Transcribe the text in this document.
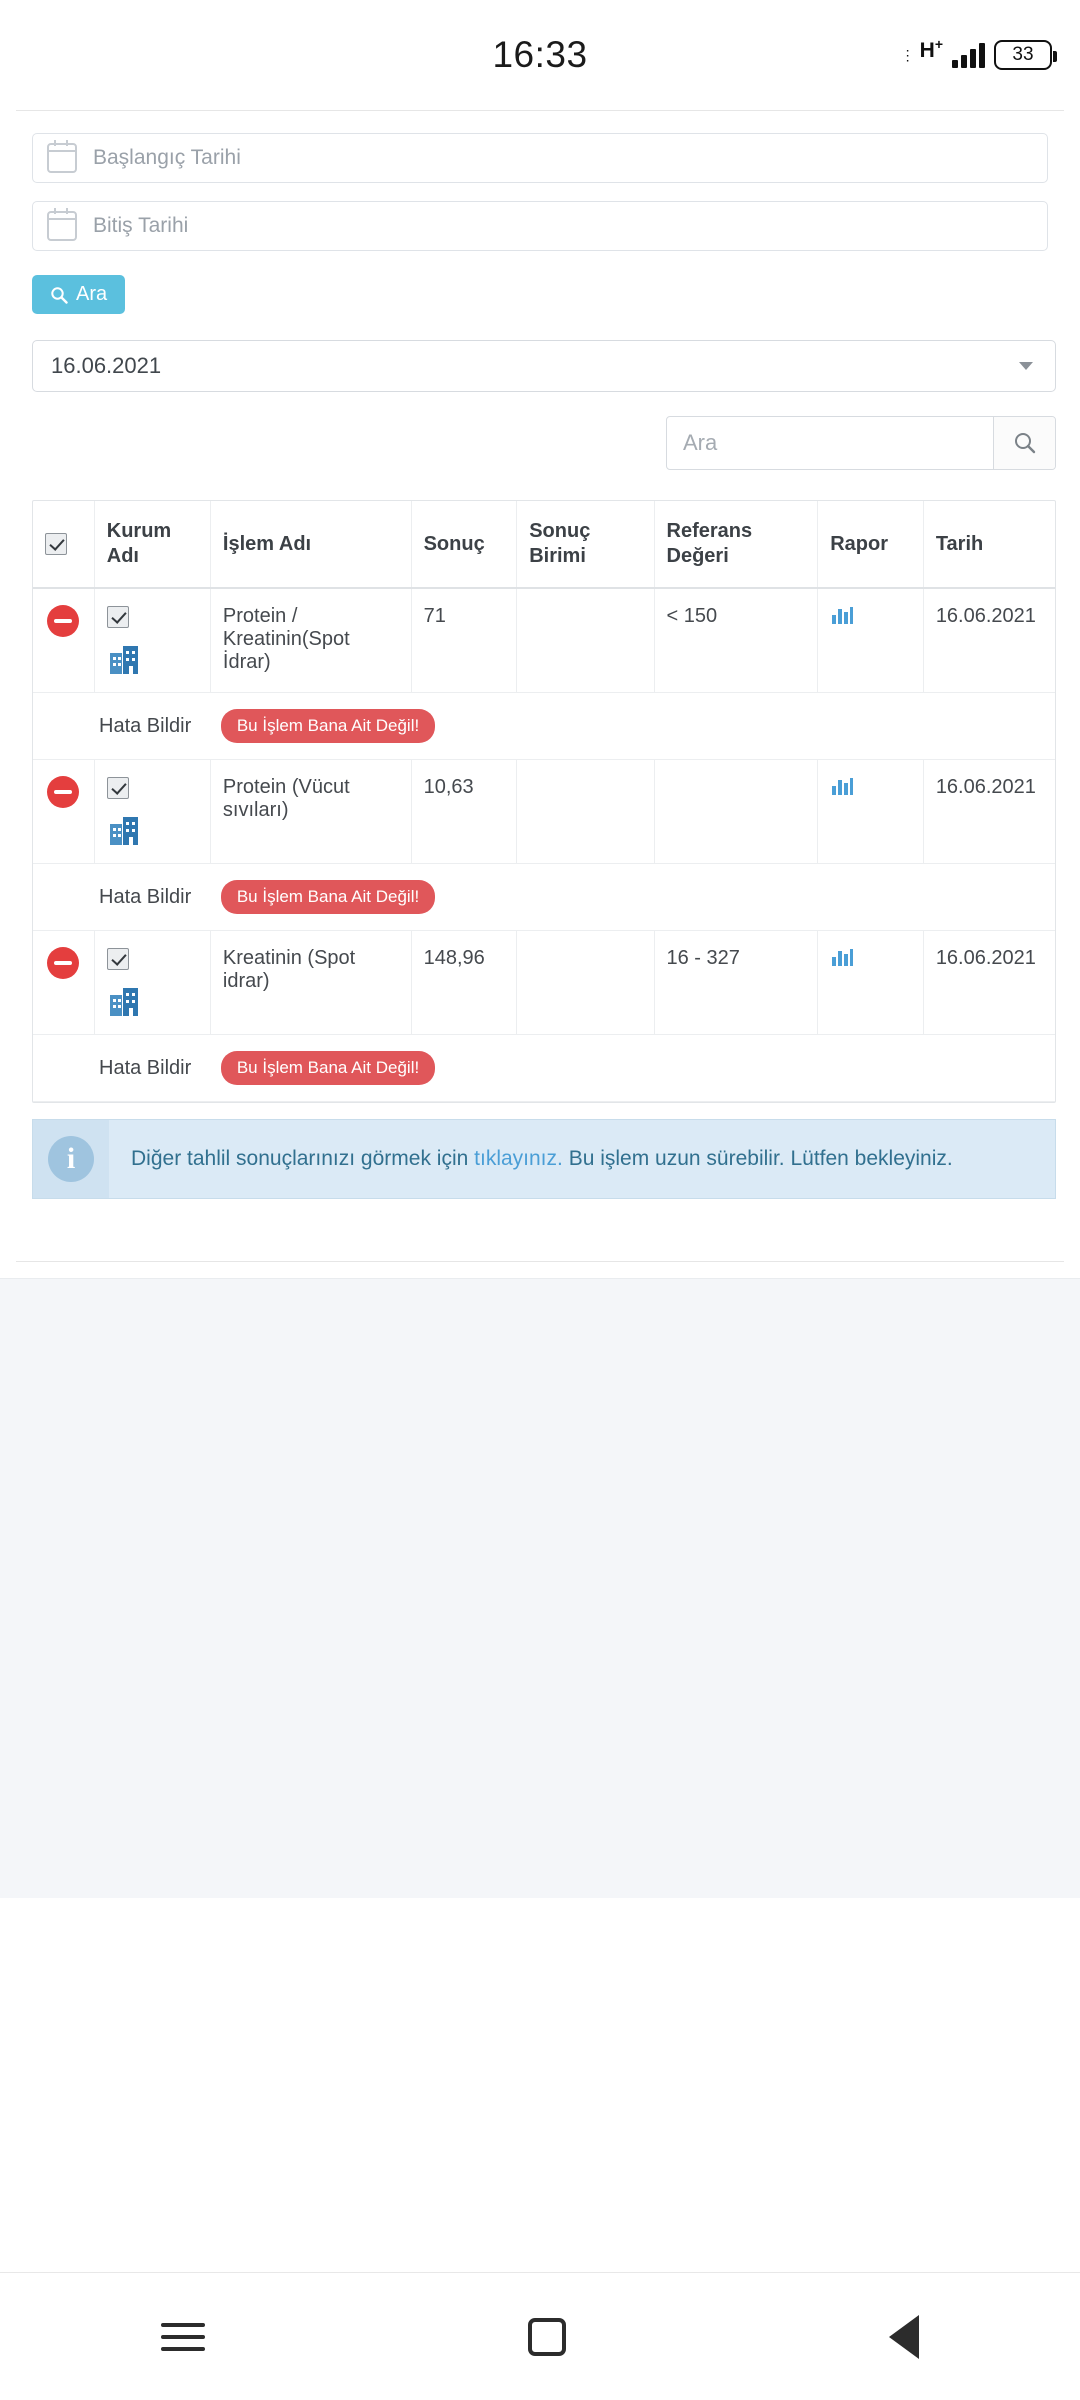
16:33	⋮ H+
33
Başlangıç Tarihi
Bitiş Tarihi
Ara
16.06.2021
Ara
	Kurum Adı	İşlem Adı	Sonuç	Sonuç Birimi	Referans Değeri	Rapor	Tarih

	Protein / Kreatinin(Spot İdrar)	71		< 150		16.06.2021
Hata Bildir Bu İşlem Bana Ait Değil!							

	Protein (Vücut sıvıları)	10,63				16.06.2021
Hata Bildir Bu İşlem Bana Ait Değil!							

	Kreatinin (Spot idrar)	148,96		16 - 327		16.06.2021
Hata Bildir Bu İşlem Bana Ait Değil!							
i	Diğer tahlil sonuçlarınızı görmek için
tıklayınız.
Bu işlem uzun sürebilir. Lütfen bekleyiniz.
